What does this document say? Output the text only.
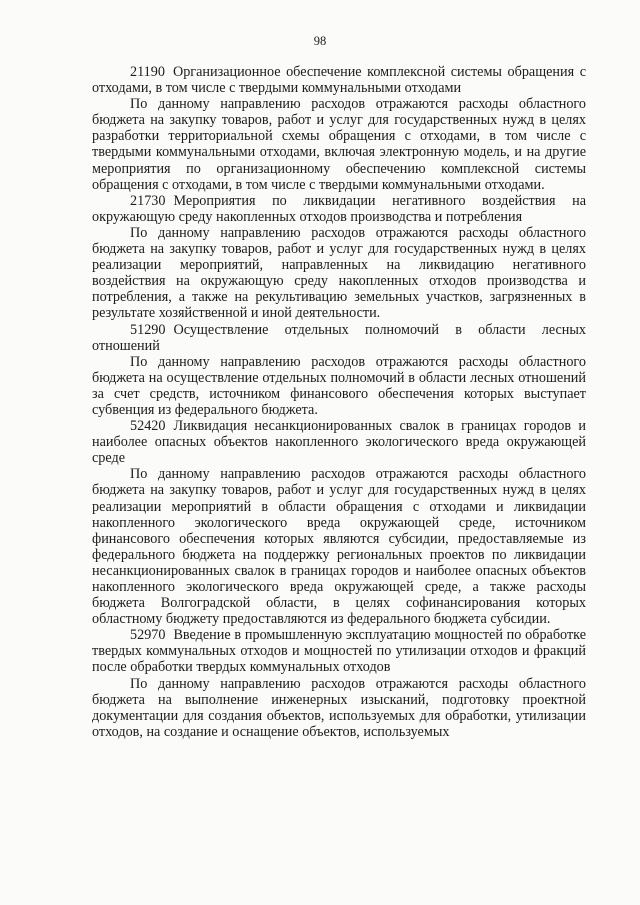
98

21190 Организационное обеспечение комплексной системы обращения с отходами, в том числе с твердыми коммунальными отходами

По данному направлению расходов отражаются расходы областного бюджета на закупку товаров, работ и услуг для государственных нужд в целях разработки территориальной схемы обращения с отходами, в том числе с твердыми коммунальными отходами, включая электронную модель, и на другие мероприятия по организационному обеспечению комплексной системы обращения с отходами, в том числе с твердыми коммунальными отходами.

21730 Мероприятия по ликвидации негативного воздействия на окружающую среду накопленных отходов производства и потребления

По данному направлению расходов отражаются расходы областного бюджета на закупку товаров, работ и услуг для государственных нужд в целях реализации мероприятий, направленных на ликвидацию негативного воздействия на окружающую среду накопленных отходов производства и потребления, а также на рекультивацию земельных участков, загрязненных в результате хозяйственной и иной деятельности.

51290 Осуществление отдельных полномочий в области лесных отношений

По данному направлению расходов отражаются расходы областного бюджета на осуществление отдельных полномочий в области лесных отношений за счет средств, источником финансового обеспечения которых выступает субвенция из федерального бюджета.

52420 Ликвидация несанкционированных свалок в границах городов и наиболее опасных объектов накопленного экологического вреда окружающей среде

По данному направлению расходов отражаются расходы областного бюджета на закупку товаров, работ и услуг для государственных нужд в целях реализации мероприятий в области обращения с отходами и ликвидации накопленного экологического вреда окружающей среде, источником финансового обеспечения которых являются субсидии, предоставляемые из федерального бюджета на поддержку региональных проектов по ликвидации несанкционированных свалок в границах городов и наиболее опасных объектов накопленного экологического вреда окружающей среде, а также расходы бюджета Волгоградской области, в целях софинансирования которых областному бюджету предоставляются из федерального бюджета субсидии.

52970 Введение в промышленную эксплуатацию мощностей по обработке твердых коммунальных отходов и мощностей по утилизации отходов и фракций после обработки твердых коммунальных отходов

По данному направлению расходов отражаются расходы областного бюджета на выполнение инженерных изысканий, подготовку проектной документации для создания объектов, используемых для обработки, утилизации отходов, на создание и оснащение объектов, используемых
